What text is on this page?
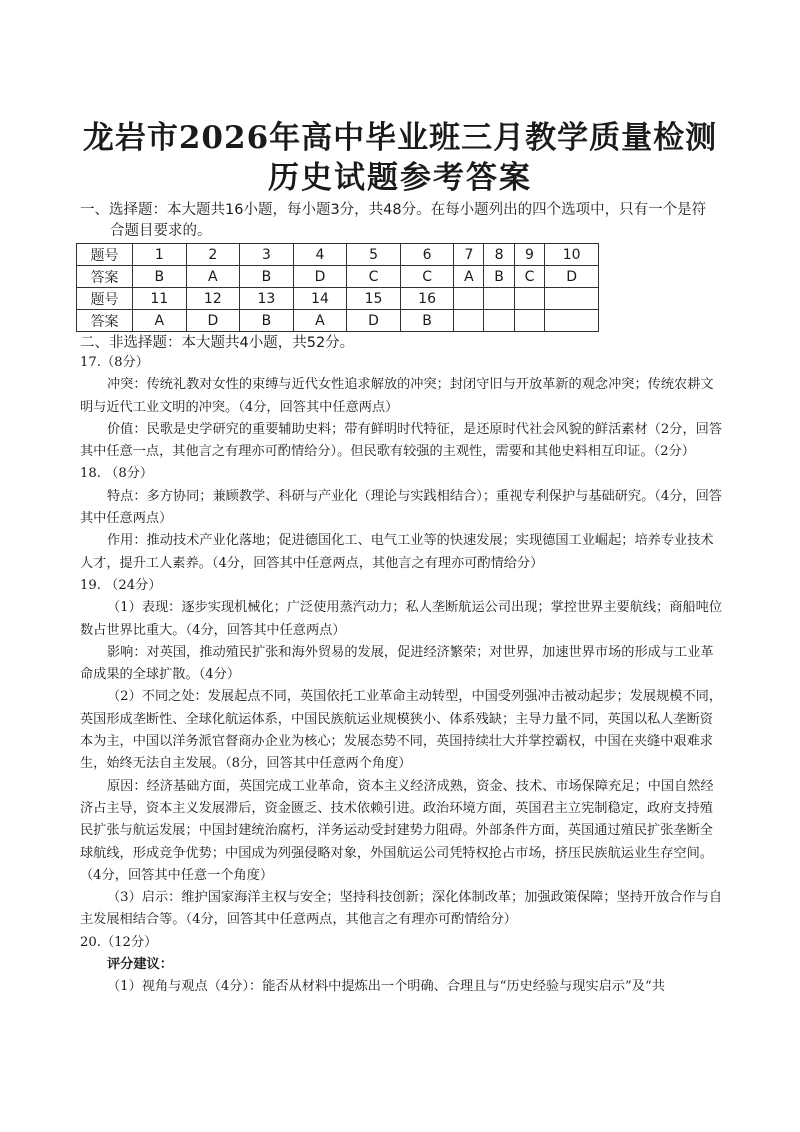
龙岩市2026年高中毕业班三月教学质量检测
历史试题参考答案
一、选择题：本大题共16小题，每小题3分，共48分。在每小题列出的四个选项中，只有一个是符
合题目要求的。
题号	1	2	3	4	5	6	7	8	9	10
答案	B	A	B	D	C	C	A	B	C	D
题号	11	12	13	14	15	16				
答案	A	D	B	A	D	B				
二、非选择题：本大题共4小题，共52分。

17.（8分）

冲突：传统礼教对女性的束缚与近代女性追求解放的冲突；封闭守旧与开放革新的观念冲突；传统农耕文明与近代工业文明的冲突。（4分，回答其中任意两点）

价值：民歌是史学研究的重要辅助史料；带有鲜明时代特征，是还原时代社会风貌的鲜活素材（2分，回答其中任意一点，其他言之有理亦可酌情给分）。但民歌有较强的主观性，需要和其他史料相互印证。（2分）

18. （8分）

特点：多方协同；兼顾教学、科研与产业化（理论与实践相结合）；重视专利保护与基础研究。（4分，回答其中任意两点）

作用：推动技术产业化落地；促进德国化工、电气工业等的快速发展；实现德国工业崛起；培养专业技术人才，提升工人素养。（4分，回答其中任意两点，其他言之有理亦可酌情给分）

19. （24分）

（1）表现：逐步实现机械化；广泛使用蒸汽动力；私人垄断航运公司出现；掌控世界主要航线；商船吨位数占世界比重大。（4分，回答其中任意两点）

影响：对英国，推动殖民扩张和海外贸易的发展，促进经济繁荣；对世界，加速世界市场的形成与工业革命成果的全球扩散。（4分）

（2）不同之处：发展起点不同，英国依托工业革命主动转型，中国受列强冲击被动起步；发展规模不同，英国形成垄断性、全球化航运体系，中国民族航运业规模狭小、体系残缺；主导力量不同，英国以私人垄断资本为主，中国以洋务派官督商办企业为核心；发展态势不同，英国持续壮大并掌控霸权，中国在夹缝中艰难求生，始终无法自主发展。（8分，回答其中任意两个角度）

原因：经济基础方面，英国完成工业革命，资本主义经济成熟，资金、技术、市场保障充足；中国自然经济占主导，资本主义发展滞后，资金匮乏、技术依赖引进。政治环境方面，英国君主立宪制稳定，政府支持殖民扩张与航运发展；中国封建统治腐朽，洋务运动受封建势力阻碍。外部条件方面，英国通过殖民扩张垄断全球航线，形成竞争优势；中国成为列强侵略对象，外国航运公司凭特权抢占市场，挤压民族航运业生存空间。（4分，回答其中任意一个角度）

（3）启示：维护国家海洋主权与安全；坚持科技创新；深化体制改革；加强政策保障；坚持开放合作与自主发展相结合等。（4分，回答其中任意两点，其他言之有理亦可酌情给分）

20.（12分）

评分建议：

（1）视角与观点（4分）：能否从材料中提炼出一个明确、合理且与“历史经验与现实启示”及“共
